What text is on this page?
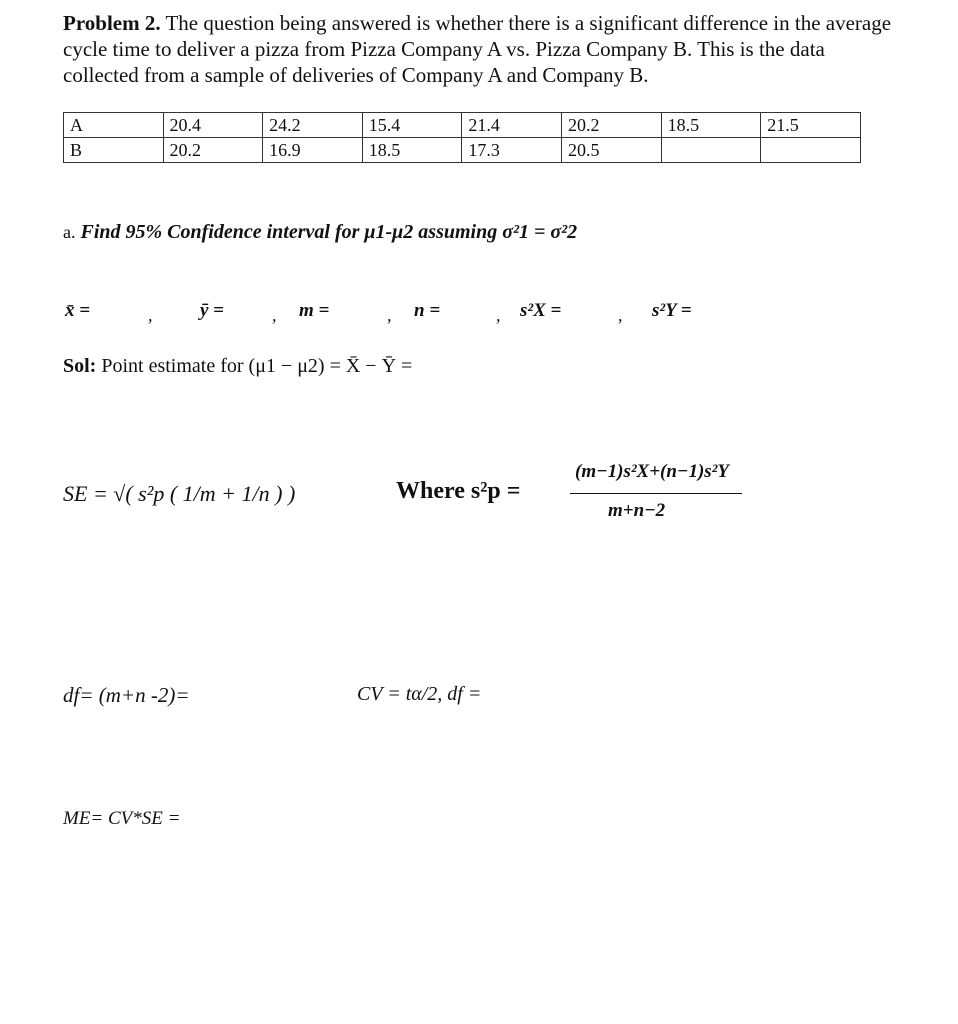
Problem 2. The question being answered is whether there is a significant difference in the average cycle time to deliver a pizza from Pizza Company A vs. Pizza Company B. This is the data collected from a sample of deliveries of Company A and Company B.
A	20.4	24.2	15.4	21.4	20.2	18.5	21.5
B	20.2	16.9	18.5	17.3	20.5		
a. Find 95% Confidence interval for μ1-μ2 assuming σ²1 = σ²2
x̄ =	,	ȳ =	, m =	, n =	, s²X =	, s²Y =
Sol: Point estimate for (μ1 − μ2) = X̄ − Ȳ =
SE = √( s²p ( 1/m + 1/n ) )	Where s²p =
(m−1)s²X+(n−1)s²Y
m+n−2
df= (m+n -2)=	CV = tα/2, df =
ME= CV*SE =
